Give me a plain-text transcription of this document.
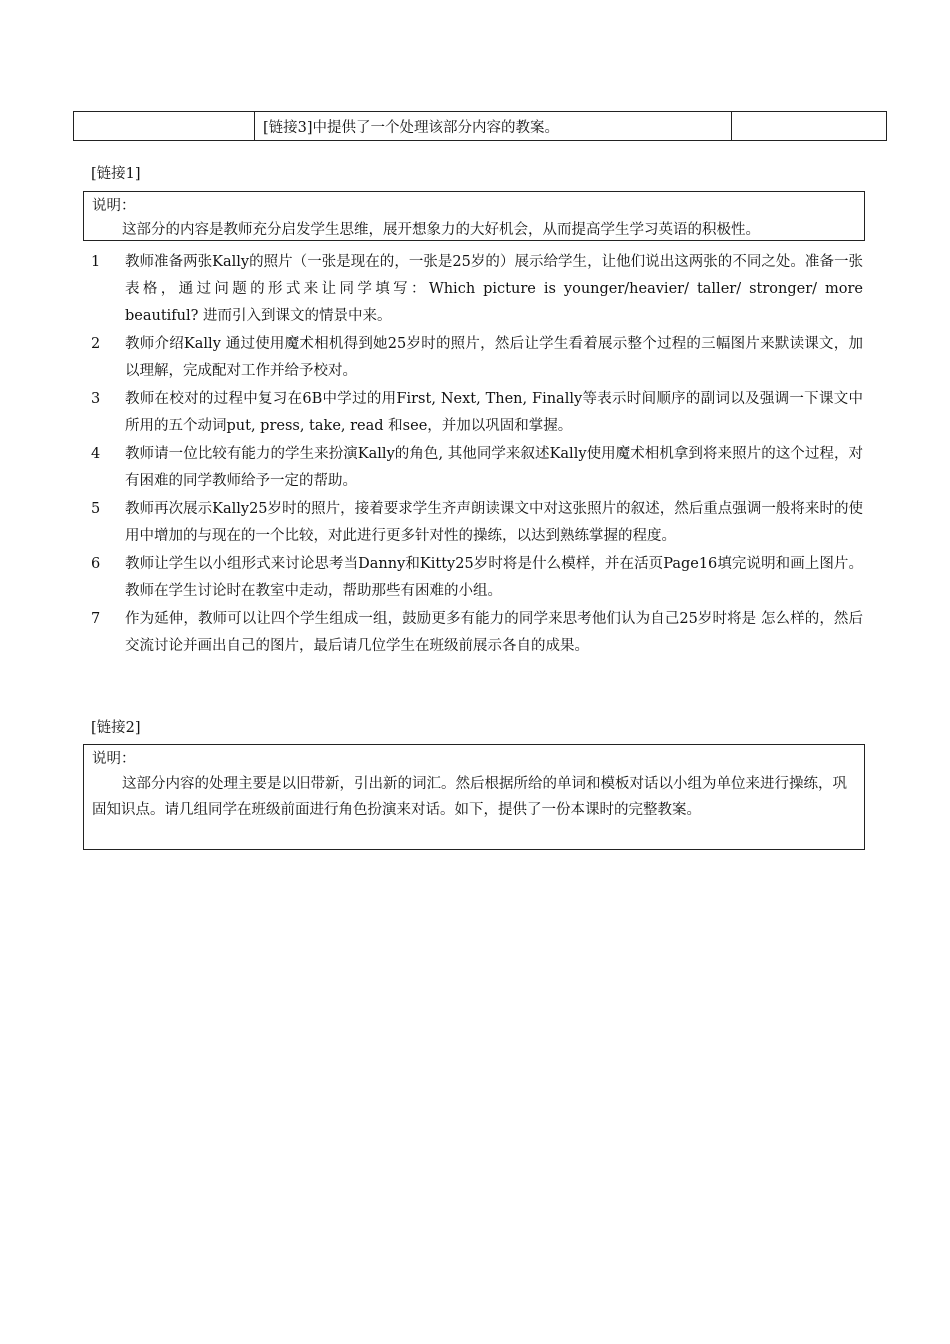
	[链接3]中提供了一个处理该部分内容的教案。	
[链接1]
说明：
这部分的内容是教师充分启发学生思维，展开想象力的大好机会，从而提高学生学习英语的积极性。
1	教师准备两张Kally的照片（一张是现在的，一张是25岁的）展示给学生，让他们说出这两张的不同之处。准备一张表格，通过问题的形式来让同学填写：Which picture is younger/heavier/ taller/ stronger/ more beautiful? 进而引入到课文的情景中来。
2	教师介绍Kally 通过使用魔术相机得到她25岁时的照片，然后让学生看着展示整个过程的三幅图片来默读课文，加以理解，完成配对工作并给予校对。
3	教师在校对的过程中复习在6B中学过的用First, Next, Then, Finally等表示时间顺序的副词以及强调一下课文中所用的五个动词put, press, take, read 和see，并加以巩固和掌握。
4	教师请一位比较有能力的学生来扮演Kally的角色, 其他同学来叙述Kally使用魔术相机拿到将来照片的这个过程，对有困难的同学教师给予一定的帮助。
5	教师再次展示Kally25岁时的照片，接着要求学生齐声朗读课文中对这张照片的叙述，然后重点强调一般将来时的使用中增加的与现在的一个比较，对此进行更多针对性的操练，以达到熟练掌握的程度。
6	教师让学生以小组形式来讨论思考当Danny和Kitty25岁时将是什么模样，并在活页Page16填完说明和画上图片。教师在学生讨论时在教室中走动，帮助那些有困难的小组。
7	作为延伸，教师可以让四个学生组成一组，鼓励更多有能力的同学来思考他们认为自己25岁时将是 怎么样的，然后交流讨论并画出自己的图片，最后请几位学生在班级前展示各自的成果。
[链接2]
说明：
这部分内容的处理主要是以旧带新，引出新的词汇。然后根据所给的单词和模板对话以小组为单位来进行操练，巩固知识点。请几组同学在班级前面进行角色扮演来对话。如下，提供了一份本课时的完整教案。
